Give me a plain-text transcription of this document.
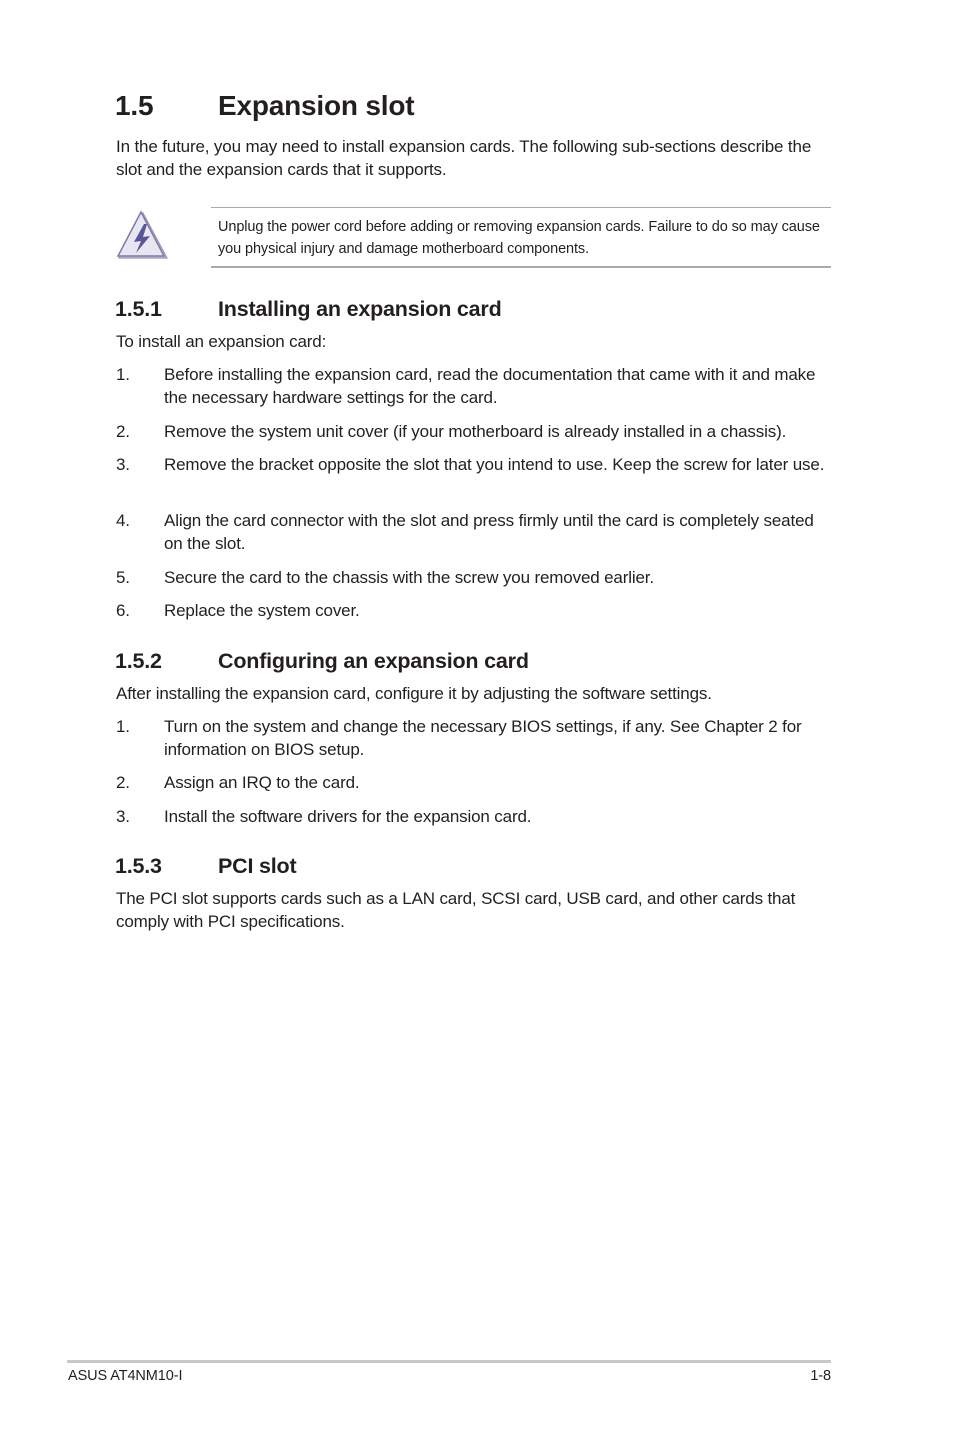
1.5 Expansion slot
In the future, you may need to install expansion cards. The following sub-sections describe the slot and the expansion cards that it supports.
Unplug the power cord before adding or removing expansion cards. Failure to do so may cause you physical injury and damage motherboard components.
1.5.1	Installing an expansion card
To install an expansion card:
1. Before installing the expansion card, read the documentation that came with it and make the necessary hardware settings for the card.
2. Remove the system unit cover (if your motherboard is already installed in a chassis).
3. Remove the bracket opposite the slot that you intend to use. Keep the screw for later use.
4. Align the card connector with the slot and press firmly until the card is completely seated on the slot.
5. Secure the card to the chassis with the screw you removed earlier.
6. Replace the system cover.
1.5.2	Configuring an expansion card
After installing the expansion card, configure it by adjusting the software settings.
1. Turn on the system and change the necessary BIOS settings, if any. See Chapter 2 for information on BIOS setup.
2. Assign an IRQ to the card.
3. Install the software drivers for the expansion card.
1.5.3	PCI slot
The PCI slot supports cards such as a LAN card, SCSI card, USB card, and other cards that comply with PCI specifications.
ASUS AT4NM10-I	1-8
